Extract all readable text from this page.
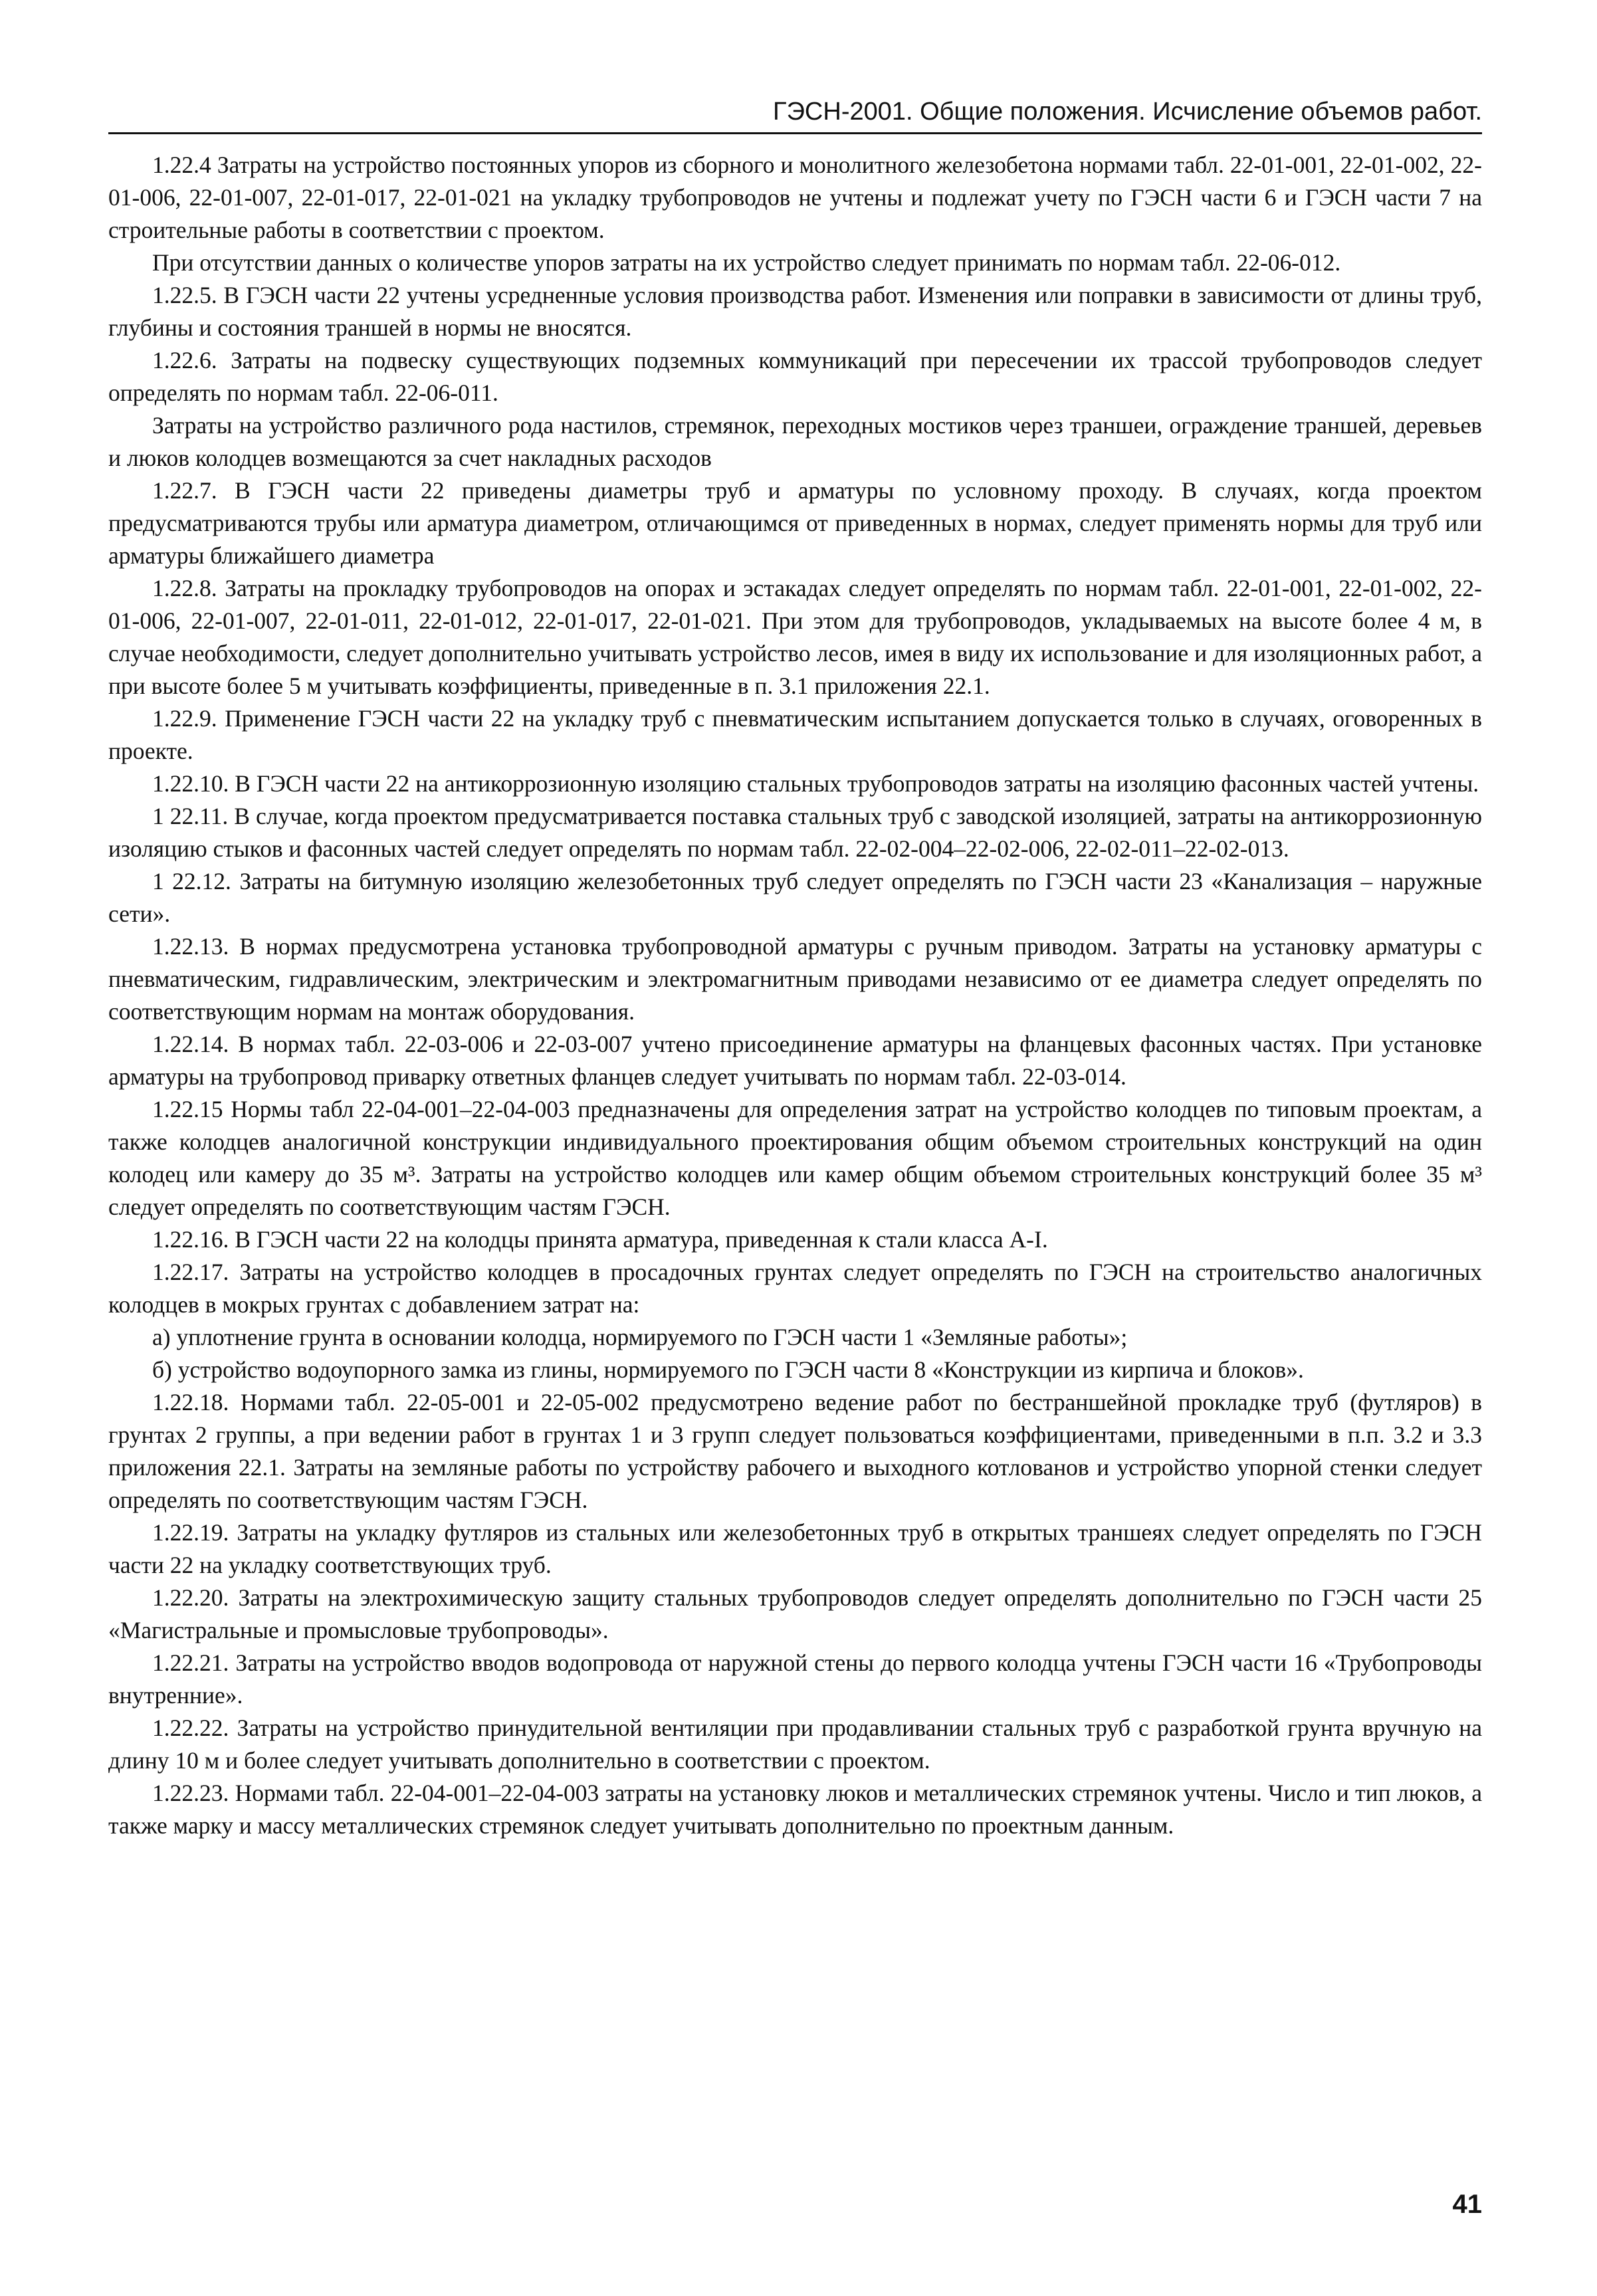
ГЭСН-2001. Общие положения. Исчисление объемов работ.

1.22.4 Затраты на устройство постоянных упоров из сборного и монолитного железобетона нормами табл. 22-01-001, 22-01-002, 22-01-006, 22-01-007, 22-01-017, 22-01-021 на укладку трубопроводов не учтены и подлежат учету по ГЭСН части 6 и ГЭСН части 7 на строительные работы в соответствии с проектом.

При отсутствии данных о количестве упоров затраты на их устройство следует принимать по нормам табл. 22-06-012.

1.22.5. В ГЭСН части 22 учтены усредненные условия производства работ. Изменения или поправки в зависимости от длины труб, глубины и состояния траншей в нормы не вносятся.

1.22.6. Затраты на подвеску существующих подземных коммуникаций при пересечении их трассой трубопроводов следует определять по нормам табл. 22-06-011.

Затраты на устройство различного рода настилов, стремянок, переходных мостиков через траншеи, ограждение траншей, деревьев и люков колодцев возмещаются за счет накладных расходов

1.22.7. В ГЭСН части 22 приведены диаметры труб и арматуры по условному проходу. В случаях, когда проектом предусматриваются трубы или арматура диаметром, отличающимся от приведенных в нормах, следует применять нормы для труб или арматуры ближайшего диаметра

1.22.8. Затраты на прокладку трубопроводов на опорах и эстакадах следует определять по нормам табл. 22-01-001, 22-01-002, 22-01-006, 22-01-007, 22-01-011, 22-01-012, 22-01-017, 22-01-021. При этом для трубопроводов, укладываемых на высоте более 4 м, в случае необходимости, следует дополнительно учитывать устройство лесов, имея в виду их использование и для изоляционных работ, а при высоте более 5 м учитывать коэффициенты, приведенные в п. 3.1 приложения 22.1.

1.22.9. Применение ГЭСН части 22 на укладку труб с пневматическим испытанием допускается только в случаях, оговоренных в проекте.

1.22.10. В ГЭСН части 22 на антикоррозионную изоляцию стальных трубопроводов затраты на изоляцию фасонных частей учтены.

1 22.11. В случае, когда проектом предусматривается поставка стальных труб с заводской изоляцией, затраты на антикоррозионную изоляцию стыков и фасонных частей следует определять по нормам табл. 22-02-004–22-02-006, 22-02-011–22-02-013.

1 22.12. Затраты на битумную изоляцию железобетонных труб следует определять по ГЭСН части 23 «Канализация – наружные сети».

1.22.13. В нормах предусмотрена установка трубопроводной арматуры с ручным приводом. Затраты на установку арматуры с пневматическим, гидравлическим, электрическим и электромагнитным приводами независимо от ее диаметра следует определять по соответствующим нормам на монтаж оборудования.

1.22.14. В нормах табл. 22-03-006 и 22-03-007 учтено присоединение арматуры на фланцевых фасонных частях. При установке арматуры на трубопровод приварку ответных фланцев следует учитывать по нормам табл. 22-03-014.

1.22.15 Нормы табл 22-04-001–22-04-003 предназначены для определения затрат на устройство колодцев по типовым проектам, а также колодцев аналогичной конструкции индивидуального проектирования общим объемом строительных конструкций на один колодец или камеру до 35 м³. Затраты на устройство колодцев или камер общим объемом строительных конструкций более 35 м³ следует определять по соответствующим частям ГЭСН.

1.22.16. В ГЭСН части 22 на колодцы принята арматура, приведенная к стали класса А-I.

1.22.17. Затраты на устройство колодцев в просадочных грунтах следует определять по ГЭСН на строительство аналогичных колодцев в мокрых грунтах с добавлением затрат на:

а) уплотнение грунта в основании колодца, нормируемого по ГЭСН части 1 «Земляные работы»;

б) устройство водоупорного замка из глины, нормируемого по ГЭСН части 8 «Конструкции из кирпича и блоков».

1.22.18. Нормами табл. 22-05-001 и 22-05-002 предусмотрено ведение работ по бестраншейной прокладке труб (футляров) в грунтах 2 группы, а при ведении работ в грунтах 1 и 3 групп следует пользоваться коэффициентами, приведенными в п.п. 3.2 и 3.3 приложения 22.1. Затраты на земляные работы по устройству рабочего и выходного котлованов и устройство упорной стенки следует определять по соответствующим частям ГЭСН.

1.22.19. Затраты на укладку футляров из стальных или железобетонных труб в открытых траншеях следует определять по ГЭСН части 22 на укладку соответствующих труб.

1.22.20. Затраты на электрохимическую защиту стальных трубопроводов следует определять дополнительно по ГЭСН части 25 «Магистральные и промысловые трубопроводы».

1.22.21. Затраты на устройство вводов водопровода от наружной стены до первого колодца учтены ГЭСН части 16 «Трубопроводы внутренние».

1.22.22. Затраты на устройство принудительной вентиляции при продавливании стальных труб с разработкой грунта вручную на длину 10 м и более следует учитывать дополнительно в соответствии с проектом.

1.22.23. Нормами табл. 22-04-001–22-04-003 затраты на установку люков и металлических стремянок учтены. Число и тип люков, а также марку и массу металлических стремянок следует учитывать дополнительно по проектным данным.

41
